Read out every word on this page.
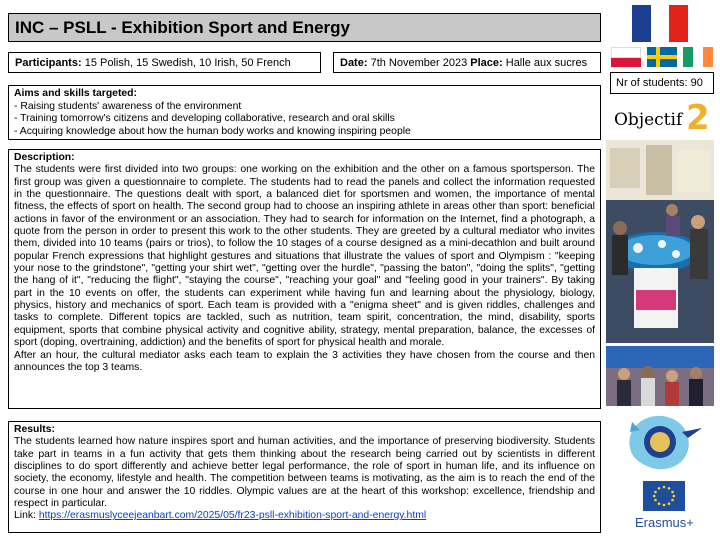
INC – PSLL - Exhibition Sport and Energy
Participants: 15 Polish, 15 Swedish, 10 Irish, 50 French	Date: 7th November 2023 Place: Halle aux sucres
Aims and skills targeted:
- Raising students' awareness of the environment
- Training tomorrow's citizens and developing collaborative, research and oral skills
- Acquiring knowledge about how the human body works and knowing inspiring people
Description:
The students were first divided into two groups: one working on the exhibition and the other on a famous sportsperson. The first group was given a questionnaire to complete. The students had to read the panels and collect the information requested in the questionnaire. The questions dealt with sport, a balanced diet for sportsmen and women, the importance of mental fitness, the effects of sport on health. The second group had to choose an inspiring athlete in areas other than sport: beneficial actions in favor of the environment or an association. They had to search for information on the Internet, find a photograph, a quote from the person in order to present this work to the other students. They are greeted by a cultural mediator who invites them, divided into 10 teams (pairs or trios), to follow the 10 stages of a course designed as a mini-decathlon and built around popular French expressions that highlight gestures and situations that illustrate the values of sport and Olympism : "keeping your nose to the grindstone", "getting your shirt wet", "getting over the hurdle", "passing the baton", "doing the splits", "getting the hang of it", "reducing the flight", "staying the course", "reaching your goal" and "feeling good in your trainers". By taking part in the 10 events on offer, the students can experiment while having fun and learning about the physiology, biology, physics, history and mechanics of sport. Each team is provided with a "enigma sheet" and is given riddles, challenges and tasks to complete. Different topics are tackled, such as nutrition, team spirit, concentration, the mind, disability, sports equipment, sports that combine physical activity and cognitive ability, strategy, mental preparation, balance, the excesses of sport (doping, overtraining, addiction) and the benefits of sport for physical health and morale.
After an hour, the cultural mediator asks each team to explain the 3 activities they have chosen from the course and then announces the top 3 teams.
Results:
The students learned how nature inspires sport and human activities, and the importance of preserving biodiversity. Students take part in teams in a fun activity that gets them thinking about the research being carried out by scientists in different disciplines to do sport differently and achieve better legal performance, the role of sport in human life, and its influence on society, the economy, lifestyle and health. The competition between teams is motivating, as the aim is to reach the end of the course in one hour and answer the 10 riddles. Olympic values are at the heart of this workshop: excellence, friendship and respect in particular.
Link: https://erasmuslyceejeanbart.com/2025/05/fr23-psll-exhibition-sport-and-energy.html
Nr of students: 90
Objectif 2
Erasmus+
